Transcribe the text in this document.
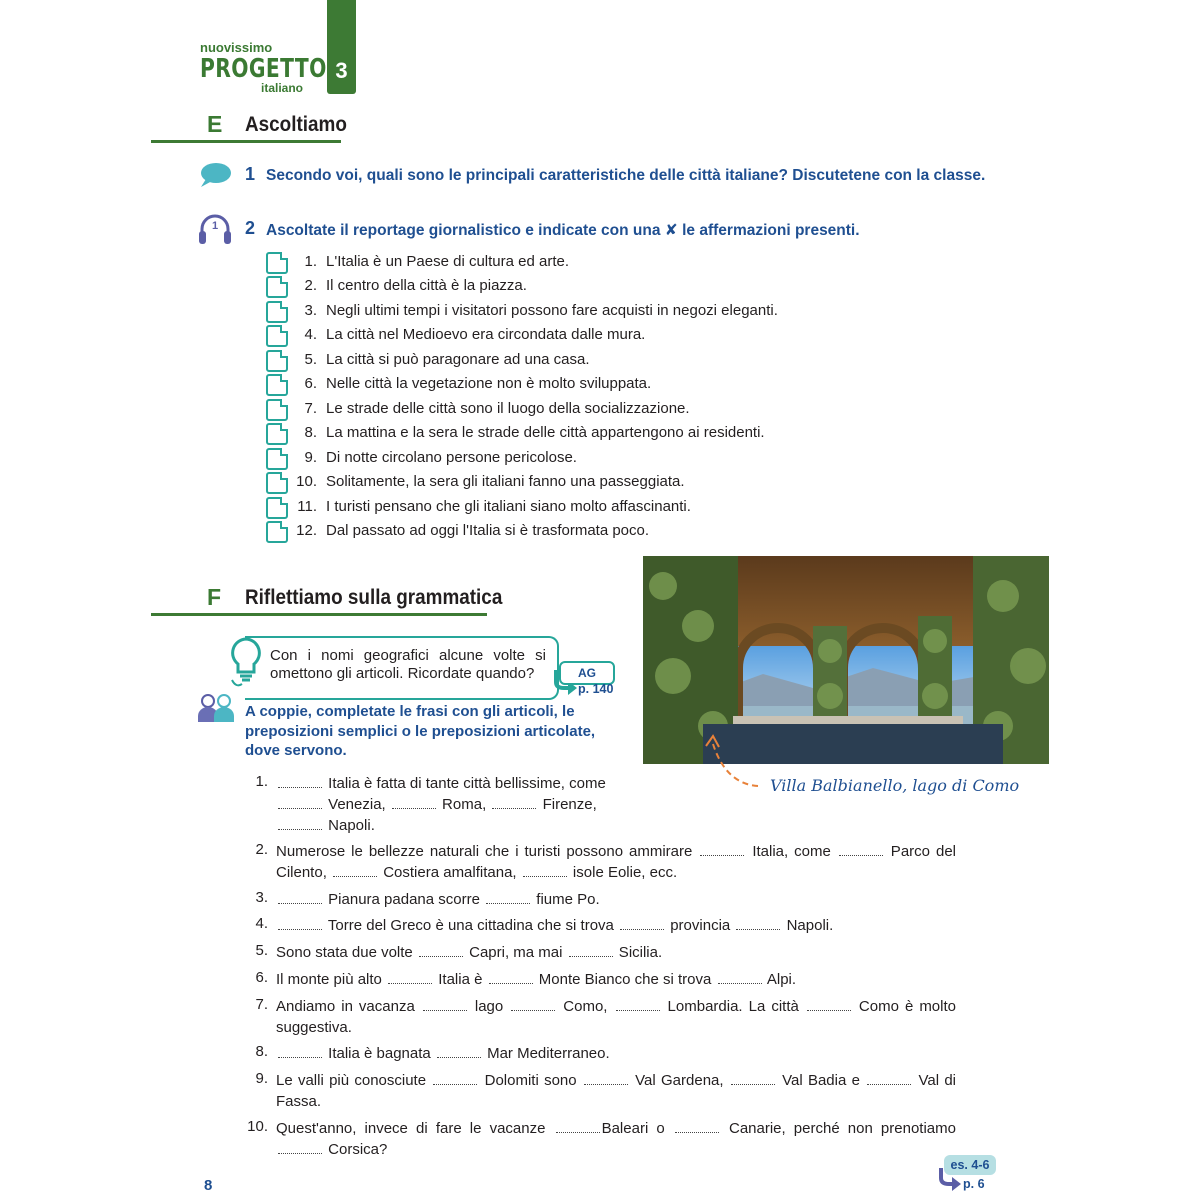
nuovissimo
PROGETTO
italiano
3
E Ascoltiamo
1 Secondo voi, quali sono le principali caratteristiche delle città italiane? Discutetene con la classe.
1	2 Ascoltate il reportage giornalistico e indicate con una ✘ le affermazioni presenti.
1. L'Italia è un Paese di cultura ed arte.
2. Il centro della città è la piazza.
3. Negli ultimi tempi i visitatori possono fare acquisti in negozi eleganti.
4. La città nel Medioevo era circondata dalle mura.
5. La città si può paragonare ad una casa.
6. Nelle città la vegetazione non è molto sviluppata.
7. Le strade delle città sono il luogo della socializzazione.
8. La mattina e la sera le strade delle città appartengono ai residenti.
9. Di notte circolano persone pericolose.
10. Solitamente, la sera gli italiani fanno una passeggiata.
11. I turisti pensano che gli italiani siano molto affascinanti.
12. Dal passato ad oggi l'Italia si è trasformata poco.
F Riflettiamo sulla grammatica
Con i nomi geografici alcune volte si omettono gli articoli. Ricordate quando?	AG
p. 140
A coppie, completate le frasi con gli articoli, le preposizioni semplici o le preposizioni articolate, dove servono.
Villa Balbianello, lago di Como
1.	Italia è fatta di tante città bellissime, come  Venezia,	Roma,	Firenze,  Napoli.
2. Numerose le bellezze naturali che i turisti possono ammirare	Italia, come	Parco del Cilento,	Costiera amalfitana,	isole Eolie, ecc.
3.	Pianura padana scorre	fiume Po.
4.	Torre del Greco è una cittadina che si trova	provincia	Napoli.
5. Sono stata due volte	Capri, ma mai	Sicilia.
6. Il monte più alto	Italia è	Monte Bianco che si trova	Alpi.
7. Andiamo in vacanza	lago	Como,	Lombardia. La città	Como è molto suggestiva.
8.	Italia è bagnata	Mar Mediterraneo.
9. Le valli più conosciute	Dolomiti sono	Val Gardena,	Val Badia e	Val di Fassa.
10. Quest'anno, invece di fare le vacanze	Baleari o	Canarie, perché non prenotiamo  Corsica?
8
es. 4-6
p. 6
